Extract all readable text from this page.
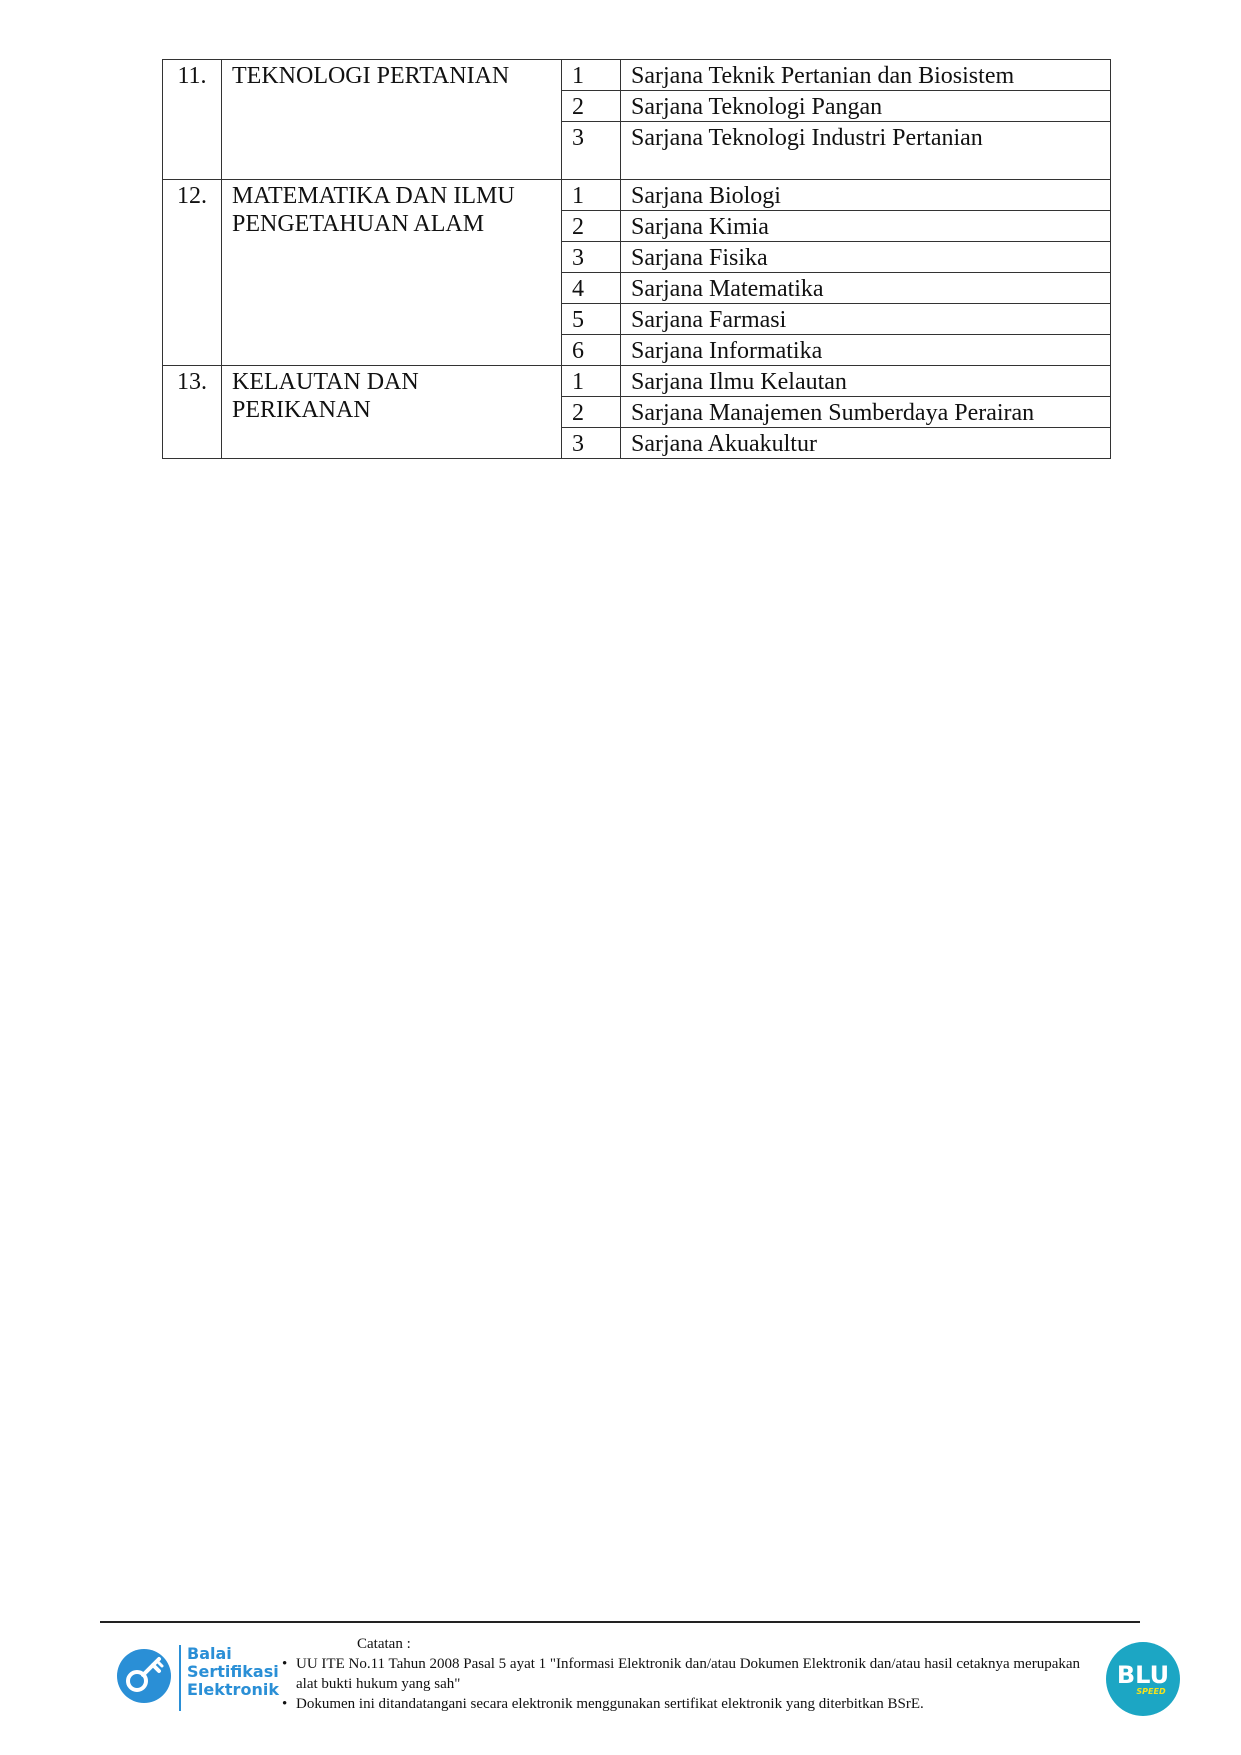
11.	TEKNOLOGI PERTANIAN	1	Sarjana Teknik Pertanian dan Biosistem
		2	Sarjana Teknologi Pangan
		3	Sarjana Teknologi Industri Pertanian
12.	MATEMATIKA DAN ILMU PENGETAHUAN ALAM	1	Sarjana Biologi
		2	Sarjana Kimia
		3	Sarjana Fisika
		4	Sarjana Matematika
		5	Sarjana Farmasi
		6	Sarjana Informatika
13.	KELAUTAN DAN PERIKANAN	1	Sarjana Ilmu Kelautan
		2	Sarjana Manajemen Sumberdaya Perairan
		3	Sarjana Akuakultur
Balai
Sertifikasi
Elektronik
Catatan :
• UU ITE No.11 Tahun 2008 Pasal 5 ayat 1 "Informasi Elektronik dan/atau Dokumen Elektronik dan/atau hasil cetaknya merupakan alat bukti hukum yang sah"
• Dokumen ini ditandatangani secara elektronik menggunakan sertifikat elektronik yang diterbitkan BSrE.
BLU
SPEED
